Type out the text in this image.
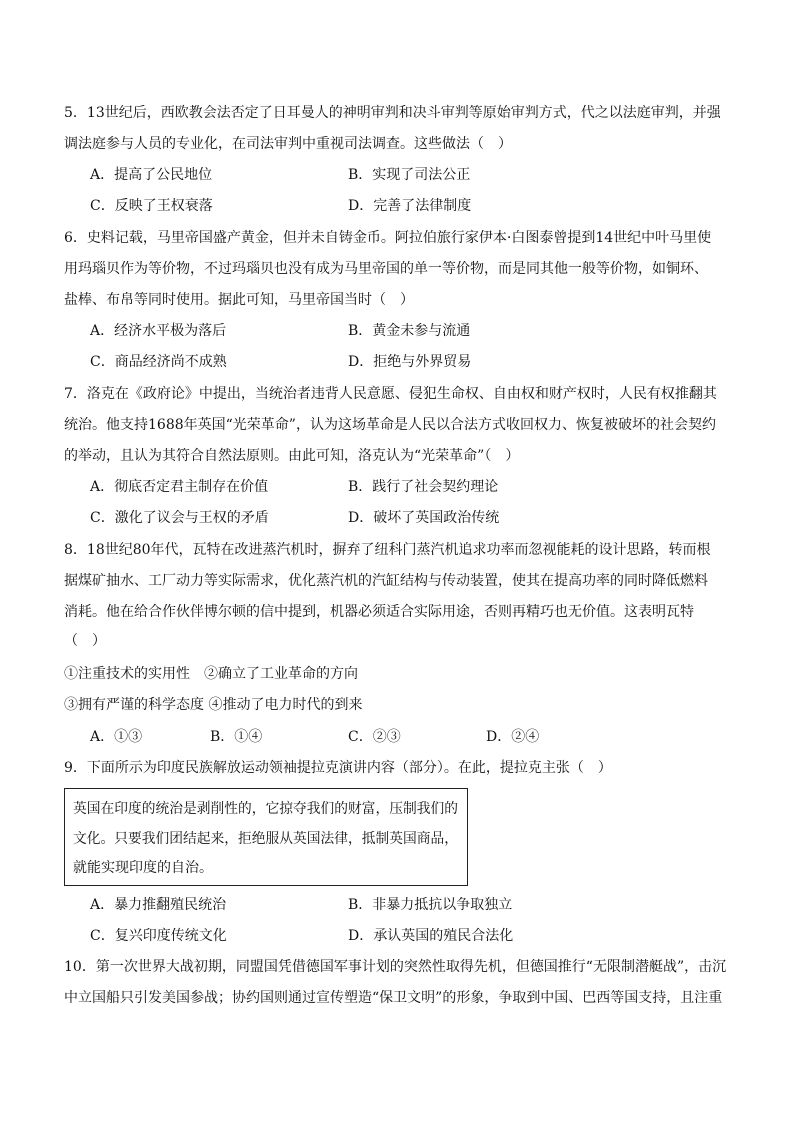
5．13世纪后，西欧教会法否定了日耳曼人的神明审判和决斗审判等原始审判方式，代之以法庭审判，并强
调法庭参与人员的专业化，在司法审判中重视司法调查。这些做法（　）
A．提高了公民地位	B．实现了司法公正
C．反映了王权衰落	D．完善了法律制度
6．史料记载，马里帝国盛产黄金，但并未自铸金币。阿拉伯旅行家伊本·白图泰曾提到14世纪中叶马里使
用玛瑙贝作为等价物，不过玛瑙贝也没有成为马里帝国的单一等价物，而是同其他一般等价物，如铜环、
盐棒、布帛等同时使用。据此可知，马里帝国当时（　）
A．经济水平极为落后	B．黄金未参与流通
C．商品经济尚不成熟	D．拒绝与外界贸易
7．洛克在《政府论》中提出，当统治者违背人民意愿、侵犯生命权、自由权和财产权时，人民有权推翻其
统治。他支持1688年英国“光荣革命”，认为这场革命是人民以合法方式收回权力、恢复被破坏的社会契约
的举动，且认为其符合自然法原则。由此可知，洛克认为“光荣革命”（　）
A．彻底否定君主制存在价值	B．践行了社会契约理论
C．激化了议会与王权的矛盾	D．破坏了英国政治传统
8．18世纪80年代，瓦特在改进蒸汽机时，摒弃了纽科门蒸汽机追求功率而忽视能耗的设计思路，转而根
据煤矿抽水、工厂动力等实际需求，优化蒸汽机的汽缸结构与传动装置，使其在提高功率的同时降低燃料
消耗。他在给合作伙伴博尔顿的信中提到，机器必须适合实际用途，否则再精巧也无价值。这表明瓦特
（　）
①注重技术的实用性　②确立了工业革命的方向
③拥有严谨的科学态度 ④推动了电力时代的到来
A．①③	B．①④	C．②③	D．②④
9．下面所示为印度民族解放运动领袖提拉克演讲内容（部分）。在此，提拉克主张（　）
英国在印度的统治是剥削性的，它掠夺我们的财富，压制我们的
文化。只要我们团结起来，拒绝服从英国法律，抵制英国商品，
就能实现印度的自治。
A．暴力推翻殖民统治	B．非暴力抵抗以争取独立
C．复兴印度传统文化	D．承认英国的殖民合法化
10．第一次世界大战初期，同盟国凭借德国军事计划的突然性取得先机，但德国推行“无限制潜艇战”，击沉
中立国船只引发美国参战；协约国则通过宣传塑造“保卫文明”的形象，争取到中国、巴西等国支持，且注重
